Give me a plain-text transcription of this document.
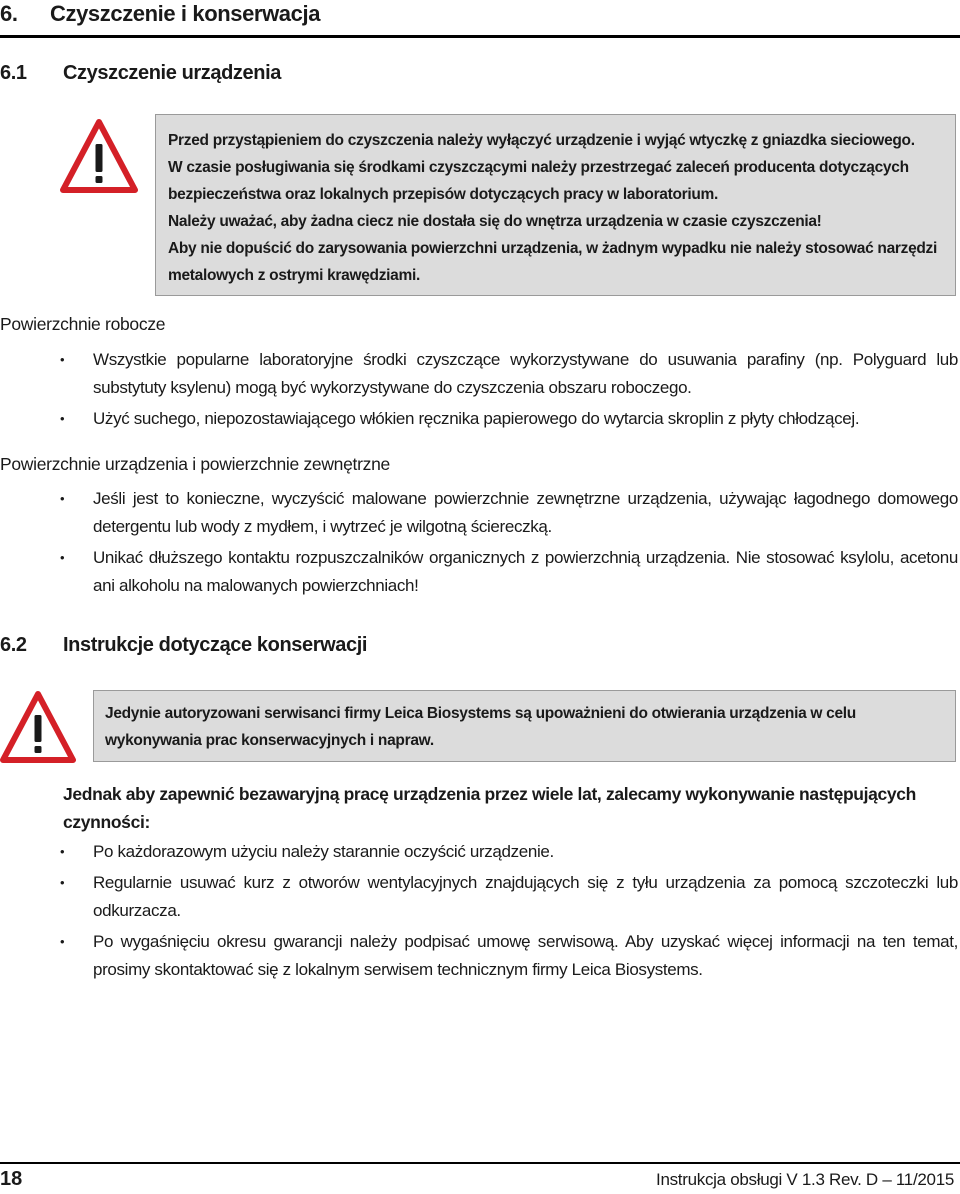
6. Czyszczenie i konserwacja
6.1 Czyszczenie urządzenia

Przed przystąpieniem do czyszczenia należy wyłączyć urządzenie i wyjąć wtyczkę z gniazdka sieciowego.

W czasie posługiwania się środkami czyszczącymi należy przestrzegać zaleceń producenta dotyczących bezpieczeństwa oraz lokalnych przepisów dotyczących pracy w laboratorium.

Należy uważać, aby żadna ciecz nie dostała się do wnętrza urządzenia w czasie czyszczenia!

Aby nie dopuścić do zarysowania powierzchni urządzenia, w żadnym wypadku nie należy stosować narzędzi metalowych z ostrymi krawędziami.

Powierzchnie robocze
• Wszystkie popularne laboratoryjne środki czyszczące wykorzystywane do usuwania parafiny (np. Polyguard lub substytuty ksylenu) mogą być wykorzystywane do czyszczenia obszaru roboczego.
• Użyć suchego, niepozostawiającego włókien ręcznika papierowego do wytarcia skroplin z płyty chłodzącej.
Powierzchnie urządzenia i powierzchnie zewnętrzne
• Jeśli jest to konieczne, wyczyścić malowane powierzchnie zewnętrzne urządzenia, używając łagodnego domowego detergentu lub wody z mydłem, i wytrzeć je wilgotną ściereczką.
• Unikać dłuższego kontaktu rozpuszczalników organicznych z powierzchnią urządzenia. Nie stosować ksylolu, acetonu ani alkoholu na malowanych powierzchniach!
6.2 Instrukcje dotyczące konserwacji

Jedynie autoryzowani serwisanci firmy Leica Biosystems są upoważnieni do otwierania urządzenia w celu wykonywania prac konserwacyjnych i napraw.

Jednak aby zapewnić bezawaryjną pracę urządzenia przez wiele lat, zalecamy wykonywanie następujących czynności:
• Po każdorazowym użyciu należy starannie oczyścić urządzenie.
• Regularnie usuwać kurz z otworów wentylacyjnych znajdujących się z tyłu urządzenia za pomocą szczoteczki lub odkurzacza.
• Po wygaśnięciu okresu gwarancji należy podpisać umowę serwisową. Aby uzyskać więcej informacji na ten temat, prosimy skontaktować się z lokalnym serwisem technicznym firmy Leica Biosystems.
18	Instrukcja obsługi V 1.3 Rev. D – 11/2015
